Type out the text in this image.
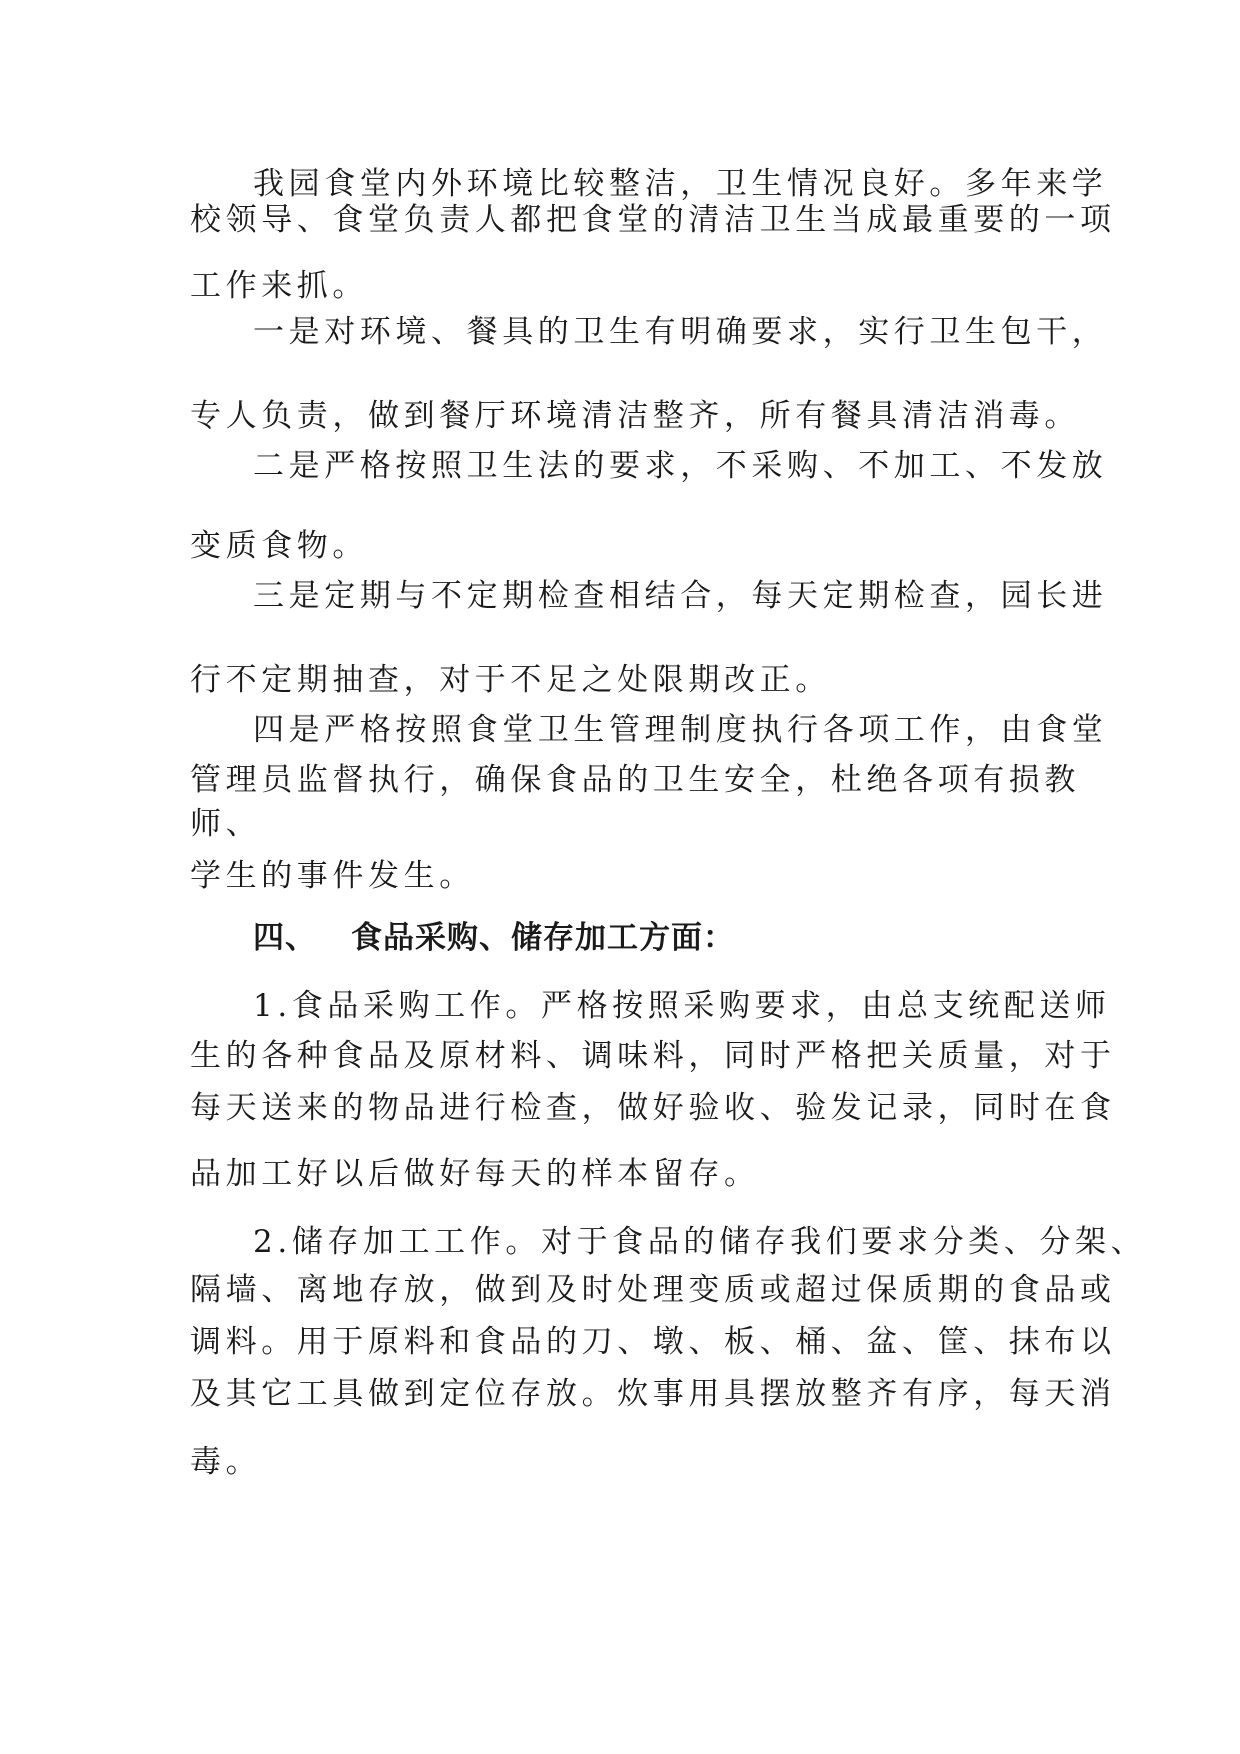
我园食堂内外环境比较整洁，卫生情况良好。多年来学

校领导、食堂负责人都把食堂的清洁卫生当成最重要的一项

工作来抓。

一是对环境、餐具的卫生有明确要求，实行卫生包干，

专人负责，做到餐厅环境清洁整齐，所有餐具清洁消毒。

二是严格按照卫生法的要求，不采购、不加工、不发放

变质食物。

三是定期与不定期检查相结合，每天定期检查，园长进

行不定期抽查，对于不足之处限期改正。

四是严格按照食堂卫生管理制度执行各项工作，由食堂

管理员监督执行，确保食品的卫生安全，杜绝各项有损教

师、

学生的事件发生。

四、 食品采购、储存加工方面：

1.食品采购工作。严格按照采购要求，由总支统配送师

生的各种食品及原材料、调味料，同时严格把关质量，对于

每天送来的物品进行检查，做好验收、验发记录，同时在食

品加工好以后做好每天的样本留存。

2.储存加工工作。对于食品的储存我们要求分类、分架、

隔墙、离地存放，做到及时处理变质或超过保质期的食品或

调料。用于原料和食品的刀、墩、板、桶、盆、筐、抹布以

及其它工具做到定位存放。炊事用具摆放整齐有序，每天消

毒。
